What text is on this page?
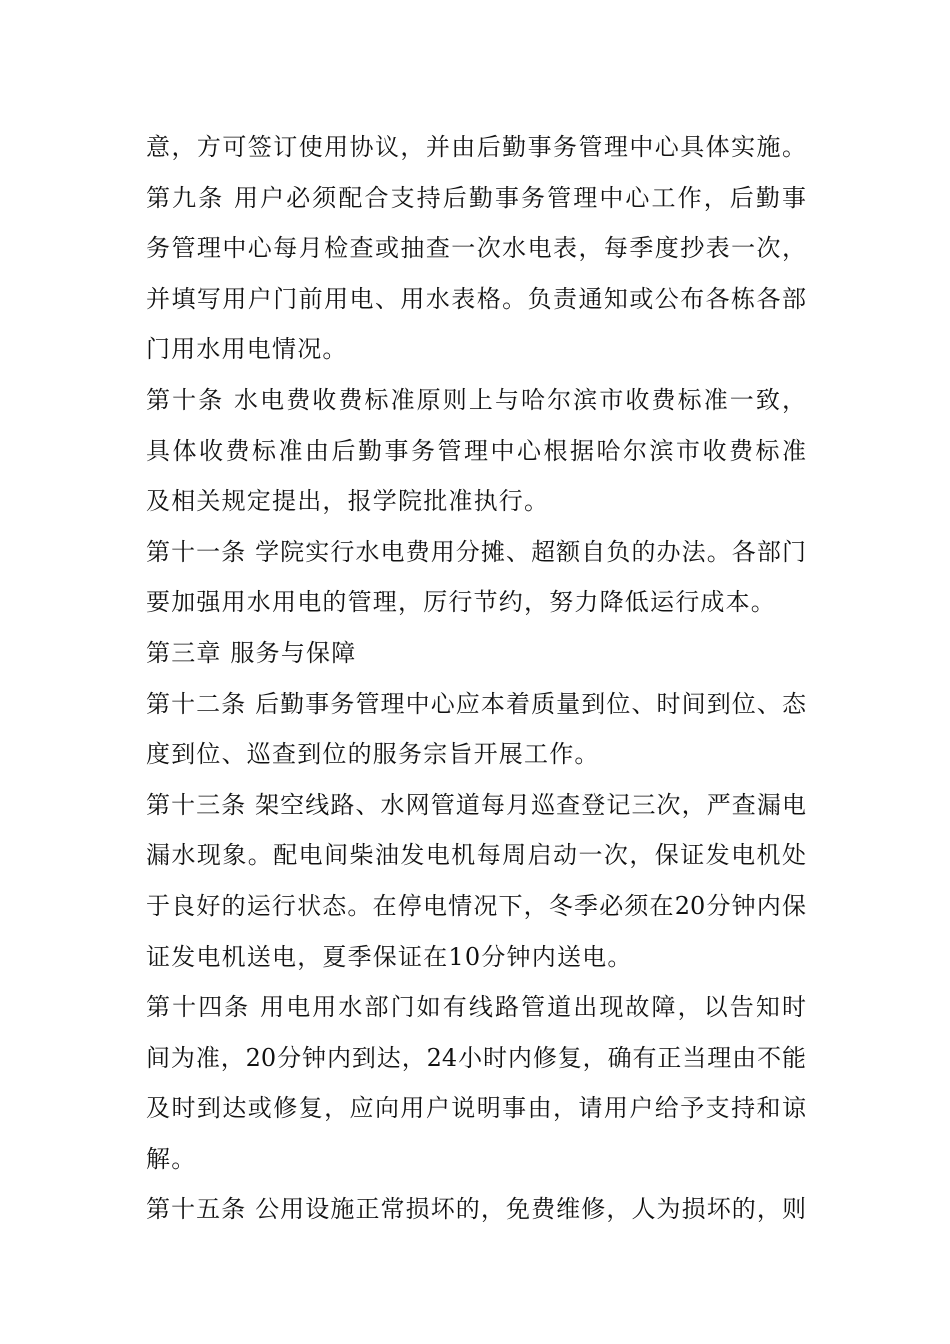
意，方可签订使用协议，并由后勤事务管理中心具体实施。
第九条 用户必须配合支持后勤事务管理中心工作，后勤事
务管理中心每月检查或抽查一次水电表，每季度抄表一次，
并填写用户门前用电、用水表格。负责通知或公布各栋各部
门用水用电情况。
第十条 水电费收费标准原则上与哈尔滨市收费标准一致，
具体收费标准由后勤事务管理中心根据哈尔滨市收费标准
及相关规定提出，报学院批准执行。
第十一条 学院实行水电费用分摊、超额自负的办法。各部门
要加强用水用电的管理，厉行节约，努力降低运行成本。
第三章 服务与保障
第十二条 后勤事务管理中心应本着质量到位、时间到位、态
度到位、巡查到位的服务宗旨开展工作。
第十三条 架空线路、水网管道每月巡查登记三次，严查漏电
漏水现象。配电间柴油发电机每周启动一次，保证发电机处
于良好的运行状态。在停电情况下，冬季必须在20分钟内保
证发电机送电，夏季保证在10分钟内送电。
第十四条 用电用水部门如有线路管道出现故障，以告知时
间为准，20分钟内到达，24小时内修复，确有正当理由不能
及时到达或修复，应向用户说明事由，请用户给予支持和谅
解。
第十五条 公用设施正常损坏的，免费维修，人为损坏的，则
